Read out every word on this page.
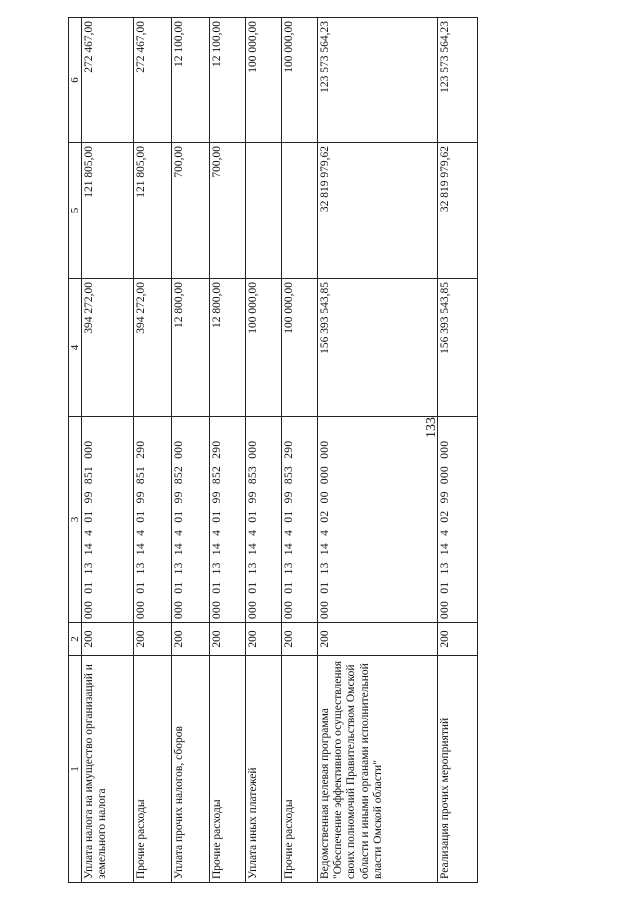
133
1	2	3	4	5	6
Уплата налога на имущество организаций и земельного налога	200	000 01 13 14 4 01 99 851 000	394 272,00	121 805,00	272 467,00
Прочие расходы	200	000 01 13 14 4 01 99 851 290	394 272,00	121 805,00	272 467,00
Уплата прочих налогов, сборов	200	000 01 13 14 4 01 99 852 000	12 800,00	700,00	12 100,00
Прочие расходы	200	000 01 13 14 4 01 99 852 290	12 800,00	700,00	12 100,00
Уплата иных платежей	200	000 01 13 14 4 01 99 853 000	100 000,00		100 000,00
Прочие расходы	200	000 01 13 14 4 01 99 853 290	100 000,00		100 000,00
Ведомственная целевая программа "Обеспечение эффективного осуществления своих полномочий Правительством Омской области и иными органами исполнительной власти Омской области"	200	000 01 13 14 4 02 00 000 000	156 393 543,85	32 819 979,62	123 573 564,23
Реализация прочих мероприятий	200	000 01 13 14 4 02 99 000 000	156 393 543,85	32 819 979,62	123 573 564,23
